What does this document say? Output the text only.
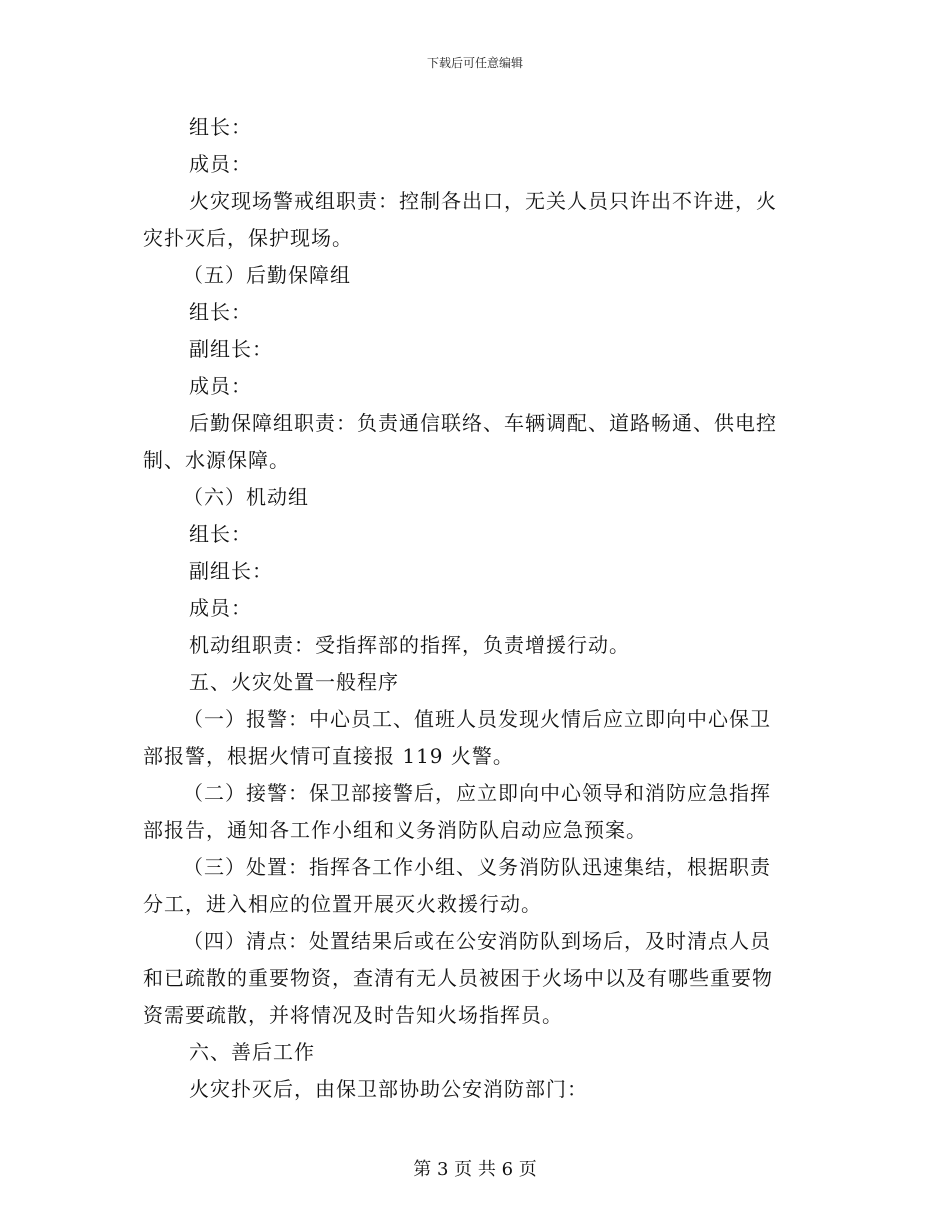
下载后可任意编辑
组长：
成员：
火灾现场警戒组职责：控制各出口，无关人员只许出不许进，火
灾扑灭后，保护现场。
（五）后勤保障组
组长：
副组长：
成员：
后勤保障组职责：负责通信联络、车辆调配、道路畅通、供电控
制、水源保障。
（六）机动组
组长：
副组长：
成员：
机动组职责：受指挥部的指挥，负责增援行动。
五、火灾处置一般程序
（一）报警：中心员工、值班人员发现火情后应立即向中心保卫
部报警，根据火情可直接报 119 火警。
（二）接警：保卫部接警后，应立即向中心领导和消防应急指挥
部报告，通知各工作小组和义务消防队启动应急预案。
（三）处置：指挥各工作小组、义务消防队迅速集结，根据职责
分工，进入相应的位置开展灭火救援行动。
（四）清点：处置结果后或在公安消防队到场后，及时清点人员
和已疏散的重要物资，查清有无人员被困于火场中以及有哪些重要物
资需要疏散，并将情况及时告知火场指挥员。
六、善后工作
火灾扑灭后，由保卫部协助公安消防部门：
第 3 页 共 6 页
